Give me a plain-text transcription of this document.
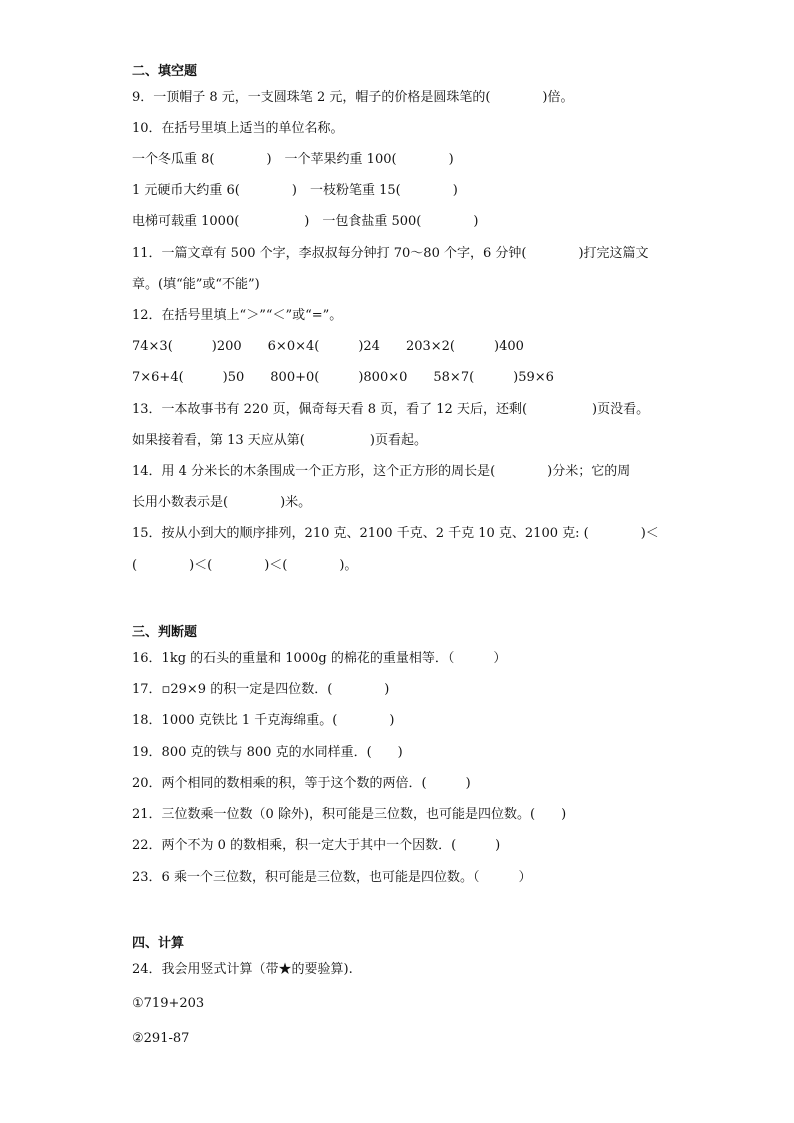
二、填空题
9．一顶帽子 8 元，一支圆珠笔 2 元，帽子的价格是圆珠笔的(　　　　)倍。
10．在括号里填上适当的单位名称。
一个冬瓜重 8(　　　　)　一个苹果约重 100(　　　　)
1 元硬币大约重 6(　　　　)　一枝粉笔重 15(　　　　)
电梯可载重 1000(　　　　　)　一包食盐重 500(　　　　)
11．一篇文章有 500 个字，李叔叔每分钟打 70～80 个字，6 分钟(　　　　)打完这篇文
章。(填“能”或“不能”)
12．在括号里填上“＞”“＜”或“=”。
74×3(　　　)200　　6×0×4(　　　)24　　203×2(　　　)400
7×6+4(　　　)50　　800+0(　　　)800×0　　58×7(　　　)59×6
13．一本故事书有 220 页，佩奇每天看 8 页，看了 12 天后，还剩(　　　　　)页没看。
如果接着看，第 13 天应从第(　　　　　)页看起。
14．用 4 分米长的木条围成一个正方形，这个正方形的周长是(　　　　)分米；它的周
长用小数表示是(　　　　)米。
15．按从小到大的顺序排列，210 克、2100 千克、2 千克 10 克、2100 克: (　　　　)＜
(　　　　)＜(　　　　)＜(　　　　)。
三、判断题
16．1kg 的石头的重量和 1000g 的棉花的重量相等．（　　　）
17．▫29×9 的积一定是四位数．(　　　　)
18．1000 克铁比 1 千克海绵重。(　　　　)
19．800 克的铁与 800 克的水同样重．(　　)
20．两个相同的数相乘的积，等于这个数的两倍．(　　　)
21．三位数乘一位数（0 除外)，积可能是三位数，也可能是四位数。(　　)
22．两个不为 0 的数相乘，积一定大于其中一个因数．(　　　)
23．6 乘一个三位数，积可能是三位数，也可能是四位数。（　　　）
四、计算
24．我会用竖式计算（带★的要验算).
①719+203
②291-87
